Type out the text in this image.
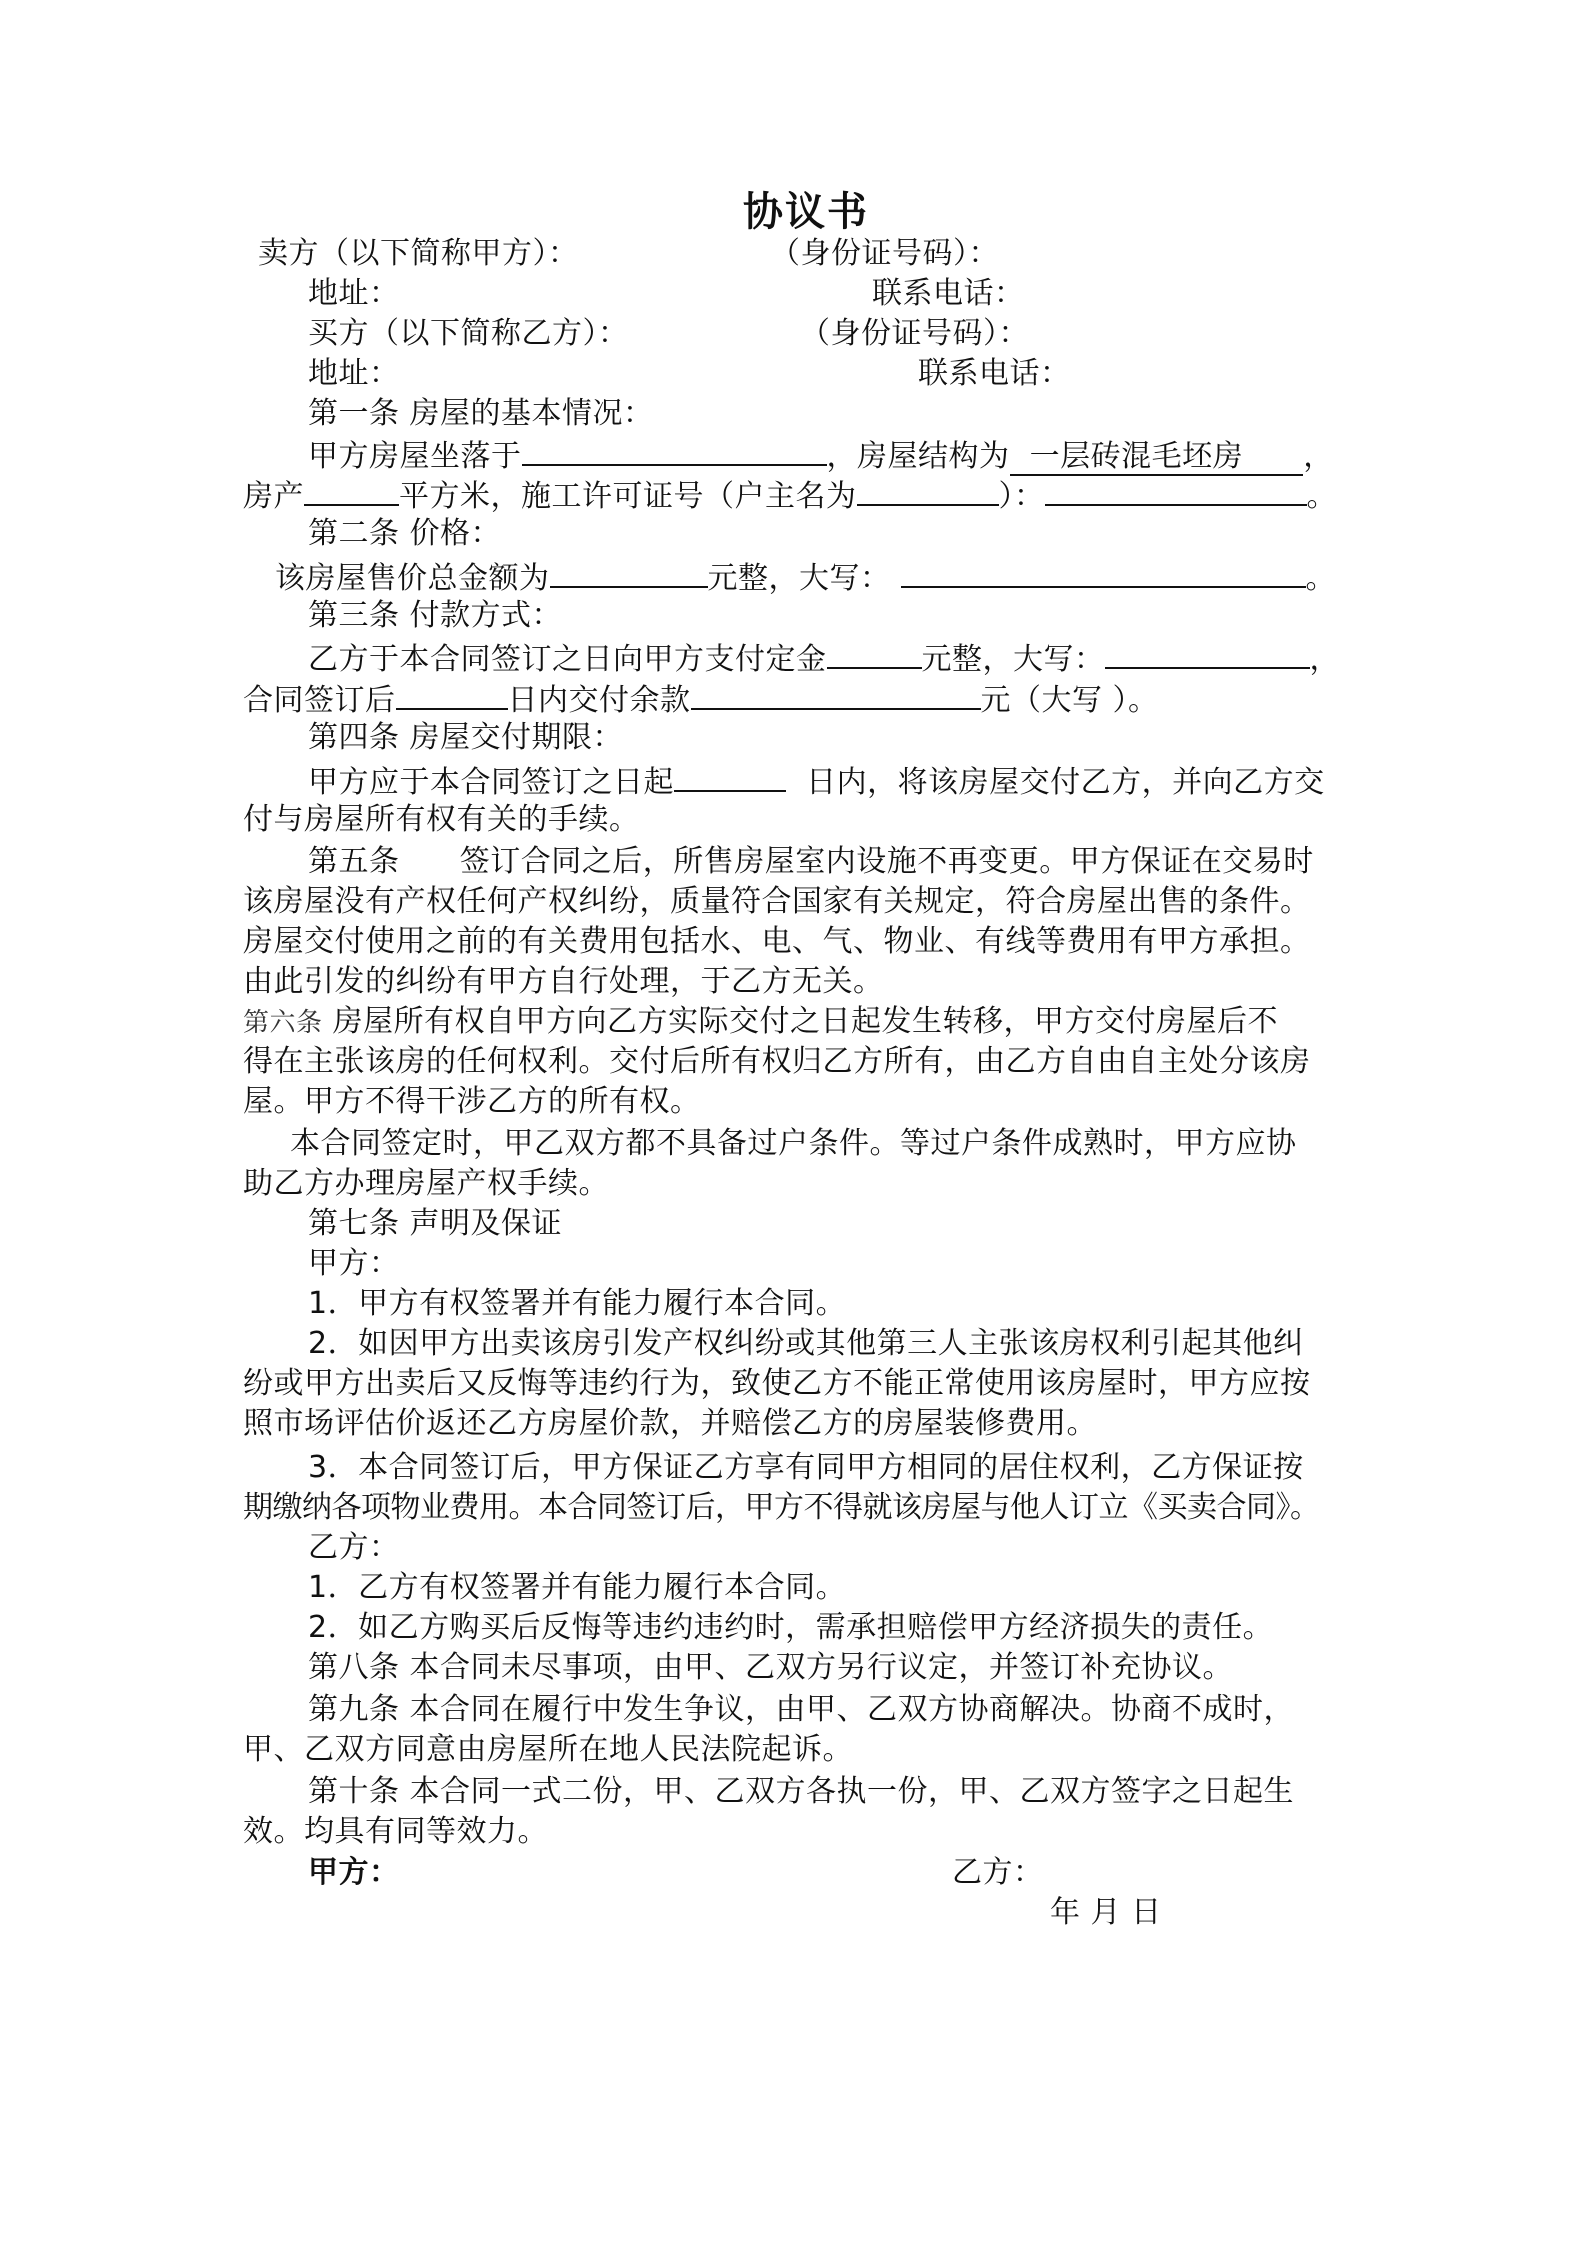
协议书
卖方（以下简称甲方）：	（身份证号码）：
地址：	联系电话：
买方（以下简称乙方）：	（身份证号码）：
地址：	联系电话：
第一条 房屋的基本情况：
甲方房屋坐落于	，房屋结构为 一层砖混毛坯房 ，
房产	平方米，施工许可证号（户主名为	）：	。
第二条 价格：
该房屋售价总金额为	元整，大写：	。
第三条 付款方式：
乙方于本合同签订之日向甲方支付定金	元整，大写：	，
合同签订后	日内交付余款	元（大写 ）。
第四条 房屋交付期限：
甲方应于本合同签订之日起	日内，将该房屋交付乙方，并向乙方交
付与房屋所有权有关的手续。
第五条 签订合同之后，所售房屋室内设施不再变更。甲方保证在交易时
该房屋没有产权任何产权纠纷，质量符合国家有关规定，符合房屋出售的条件。
房屋交付使用之前的有关费用包括水、电、气、物业、有线等费用有甲方承担。
由此引发的纠纷有甲方自行处理，于乙方无关。
第六条 房屋所有权自甲方向乙方实际交付之日起发生转移，甲方交付房屋后不
得在主张该房的任何权利。交付后所有权归乙方所有，由乙方自由自主处分该房
屋。甲方不得干涉乙方的所有权。
本合同签定时，甲乙双方都不具备过户条件。等过户条件成熟时，甲方应协
助乙方办理房屋产权手续。
第七条 声明及保证
甲方：
1．甲方有权签署并有能力履行本合同。
2．如因甲方出卖该房引发产权纠纷或其他第三人主张该房权利引起其他纠
纷或甲方出卖后又反悔等违约行为，致使乙方不能正常使用该房屋时，甲方应按
照市场评估价返还乙方房屋价款，并赔偿乙方的房屋装修费用。
3．本合同签订后，甲方保证乙方享有同甲方相同的居住权利，乙方保证按
期缴纳各项物业费用。本合同签订后，甲方不得就该房屋与他人订立《买卖合同》。
乙方：
1．乙方有权签署并有能力履行本合同。
2．如乙方购买后反悔等违约违约时，需承担赔偿甲方经济损失的责任。
第八条 本合同未尽事项，由甲、乙双方另行议定，并签订补充协议。
第九条 本合同在履行中发生争议，由甲、乙双方协商解决。协商不成时，
甲、乙双方同意由房屋所在地人民法院起诉。
第十条 本合同一式二份，甲、乙双方各执一份，甲、乙双方签字之日起生
效。均具有同等效力。
甲方：	乙方：
年 月 日
